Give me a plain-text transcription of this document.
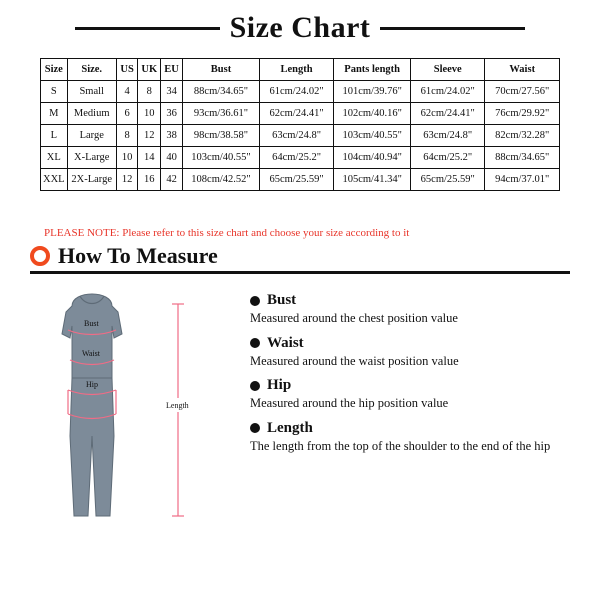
Size Chart
Size	Size.	US	UK	EU	Bust	Length	Pants length	Sleeve	Waist
S	Small	4	8	34	88cm/34.65"	61cm/24.02"	101cm/39.76"	61cm/24.02"	70cm/27.56"
M	Medium	6	10	36	93cm/36.61"	62cm/24.41"	102cm/40.16"	62cm/24.41"	76cm/29.92"
L	Large	8	12	38	98cm/38.58"	63cm/24.8"	103cm/40.55"	63cm/24.8"	82cm/32.28"
XL	X-Large	10	14	40	103cm/40.55"	64cm/25.2"	104cm/40.94"	64cm/25.2"	88cm/34.65"
XXL	2X-Large	12	16	42	108cm/42.52"	65cm/25.59"	105cm/41.34"	65cm/25.59"	94cm/37.01"
PLEASE NOTE: Please refer to this size chart and choose your size according to it
How To Measure
Bust
Waist
Hip
Length
Bust

Measured around the chest position value

Waist

Measured around the waist position value

Hip

Measured around the hip position value

Length

The length from the top of the shoulder to the end of the hip
